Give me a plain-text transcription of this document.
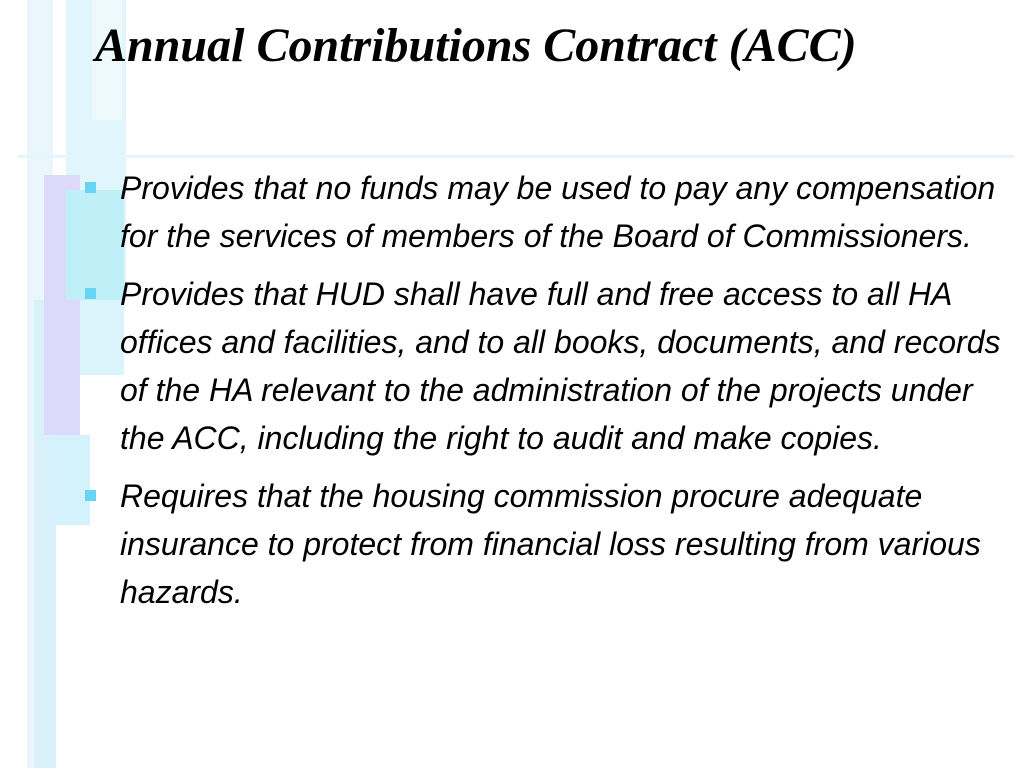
Annual Contributions Contract (ACC)
Provides that no funds may be used to pay any compensation for the services of members of the Board of Commissioners.
Provides that HUD shall have full and free access to all HA offices and facilities, and to all books, documents, and records of the HA relevant to the administration of the projects under the ACC, including the right to audit and make copies.
Requires that the housing commission procure adequate insurance to protect from financial loss resulting from various hazards.
